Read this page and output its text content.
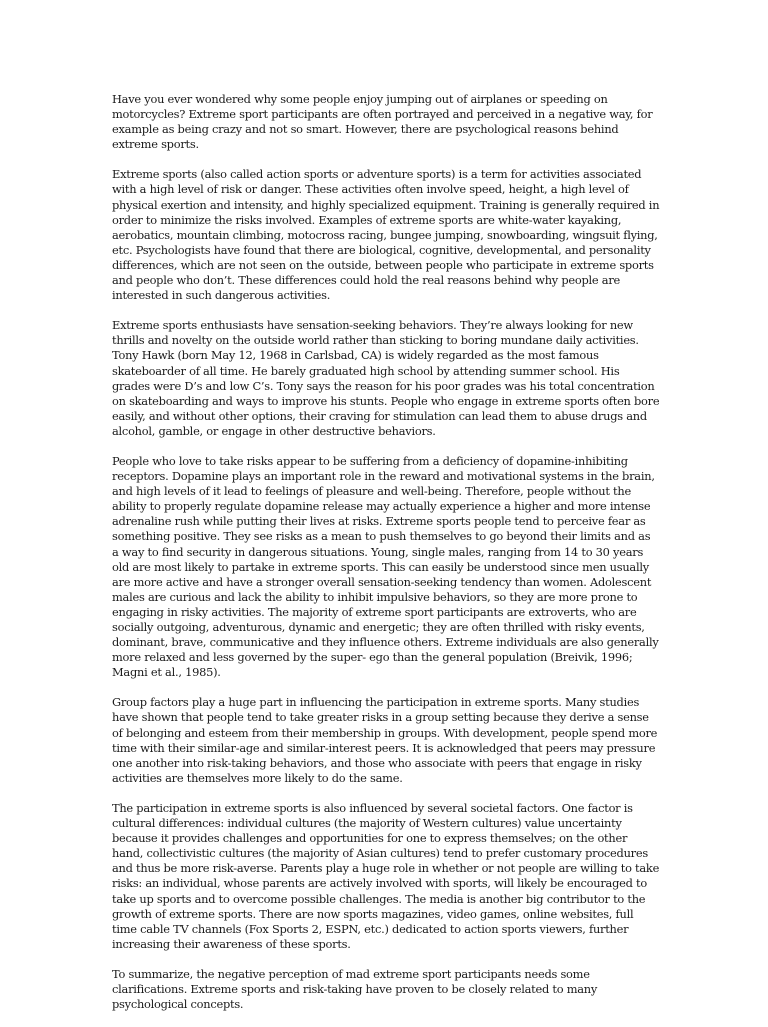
Have you ever wondered why some people enjoy jumping out of airplanes or speeding on motorcycles? Extreme sport participants are often portrayed and perceived in a negative way, for example as being crazy and not so smart. However, there are psychological reasons behind extreme sports.

Extreme sports (also called action sports or adventure sports) is a term for activities associated with a high level of risk or danger. These activities often involve speed, height, a high level of physical exertion and intensity, and highly specialized equipment. Training is generally required in order to minimize the risks involved. Examples of extreme sports are white-water kayaking, aerobatics, mountain climbing, motocross racing, bungee jumping, snowboarding, wingsuit flying, etc. Psychologists have found that there are biological, cognitive, developmental, and personality differences, which are not seen on the outside, between people who participate in extreme sports and people who don’t. These differences could hold the real reasons behind why people are interested in such dangerous activities.

Extreme sports enthusiasts have sensation-seeking behaviors. They’re always looking for new thrills and novelty on the outside world rather than sticking to boring mundane daily activities. Tony Hawk (born May 12, 1968 in Carlsbad, CA) is widely regarded as the most famous skateboarder of all time. He barely graduated high school by attending summer school. His grades were D’s and low C’s. Tony says the reason for his poor grades was his total concentration on skateboarding and ways to improve his stunts. People who engage in extreme sports often bore easily, and without other options, their craving for stimulation can lead them to abuse drugs and alcohol, gamble, or engage in other destructive behaviors.

People who love to take risks appear to be suffering from a deficiency of dopamine-inhibiting receptors. Dopamine plays an important role in the reward and motivational systems in the brain, and high levels of it lead to feelings of pleasure and well-being. Therefore, people without the ability to properly regulate dopamine release may actually experience a higher and more intense adrenaline rush while putting their lives at risks. Extreme sports people tend to perceive fear as something positive. They see risks as a mean to push themselves to go beyond their limits and as a way to find security in dangerous situations. Young, single males, ranging from 14 to 30 years old are most likely to partake in extreme sports. This can easily be understood since men usually are more active and have a stronger overall sensation-seeking tendency than women. Adolescent males are curious and lack the ability to inhibit impulsive behaviors, so they are more prone to engaging in risky activities. The majority of extreme sport participants are extroverts, who are socially outgoing, adventurous, dynamic and energetic; they are often thrilled with risky events, dominant, brave, communicative and they influence others. Extreme individuals are also generally more relaxed and less governed by the super- ego than the general population (Breivik, 1996; Magni et al., 1985).

Group factors play a huge part in influencing the participation in extreme sports. Many studies have shown that people tend to take greater risks in a group setting because they derive a sense of belonging and esteem from their membership in groups. With development, people spend more time with their similar-age and similar-interest peers. It is acknowledged that peers may pressure one another into risk-taking behaviors, and those who associate with peers that engage in risky activities are themselves more likely to do the same.

The participation in extreme sports is also influenced by several societal factors. One factor is cultural differences: individual cultures (the majority of Western cultures) value uncertainty because it provides challenges and opportunities for one to express themselves; on the other hand, collectivistic cultures (the majority of Asian cultures) tend to prefer customary procedures and thus be more risk-averse. Parents play a huge role in whether or not people are willing to take risks: an individual, whose parents are actively involved with sports, will likely be encouraged to take up sports and to overcome possible challenges. The media is another big contributor to the growth of extreme sports. There are now sports magazines, video games, online websites, full time cable TV channels (Fox Sports 2, ESPN, etc.) dedicated to action sports viewers, further increasing their awareness of these sports.

To summarize, the negative perception of mad extreme sport participants needs some clarifications. Extreme sports and risk-taking have proven to be closely related to many psychological concepts.
